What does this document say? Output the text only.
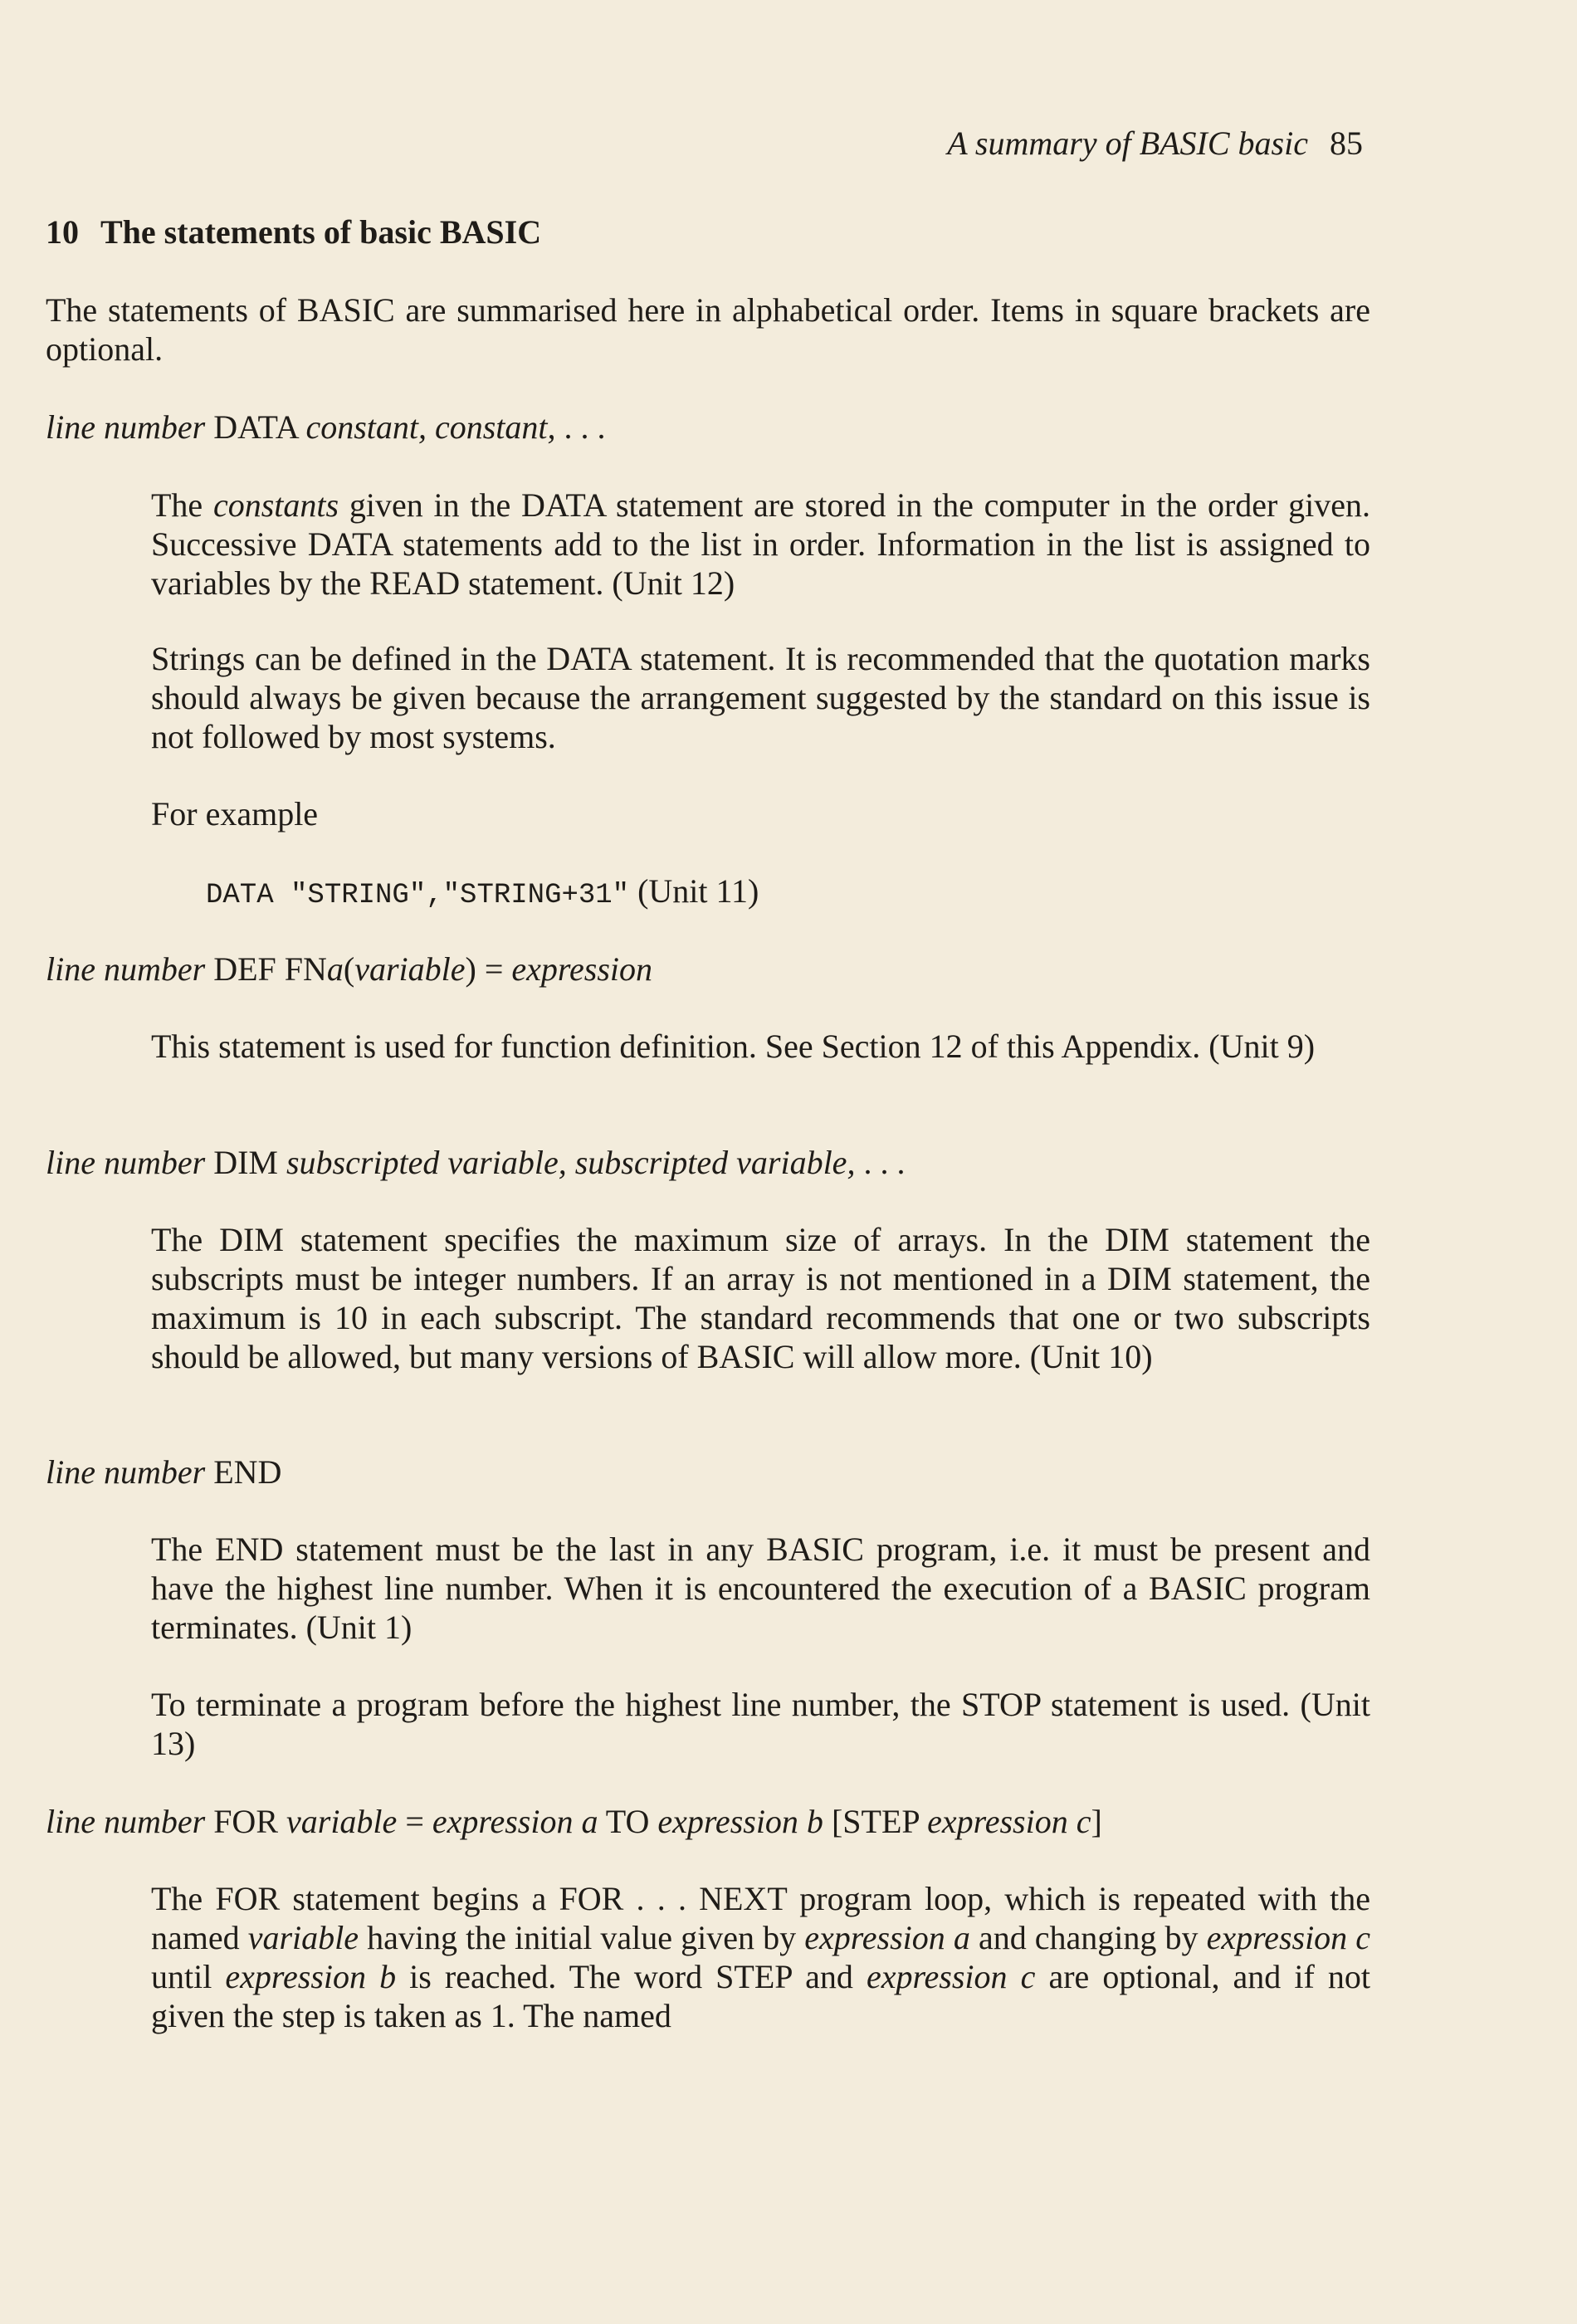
A summary of BASIC basic 85
10 The statements of basic BASIC
The statements of BASIC are summarised here in alphabetical order. Items in square brackets are optional.
line number DATA constant, constant, . . .
The constants given in the DATA statement are stored in the computer in the order given. Successive DATA statements add to the list in order. Information in the list is assigned to variables by the READ statement. (Unit 12)
Strings can be defined in the DATA statement. It is recommended that the quotation marks should always be given because the arrangement suggested by the standard on this issue is not followed by most systems.
For example
DATA "STRING","STRING+31" (Unit 11)
line number DEF FNa(variable) = expression
This statement is used for function definition. See Section 12 of this Appendix. (Unit 9)
line number DIM subscripted variable, subscripted variable, . . .
The DIM statement specifies the maximum size of arrays. In the DIM statement the subscripts must be integer numbers. If an array is not mentioned in a DIM statement, the maximum is 10 in each subscript. The standard recommends that one or two subscripts should be allowed, but many versions of BASIC will allow more. (Unit 10)
line number END
The END statement must be the last in any BASIC program, i.e. it must be present and have the highest line number. When it is encountered the execution of a BASIC program terminates. (Unit 1)
To terminate a program before the highest line number, the STOP statement is used. (Unit 13)
line number FOR variable = expression a TO expression b [STEP expression c]
The FOR statement begins a FOR . . . NEXT program loop, which is repeated with the named variable having the initial value given by expression a and changing by expression c until expression b is reached. The word STEP and expression c are optional, and if not given the step is taken as 1. The named
